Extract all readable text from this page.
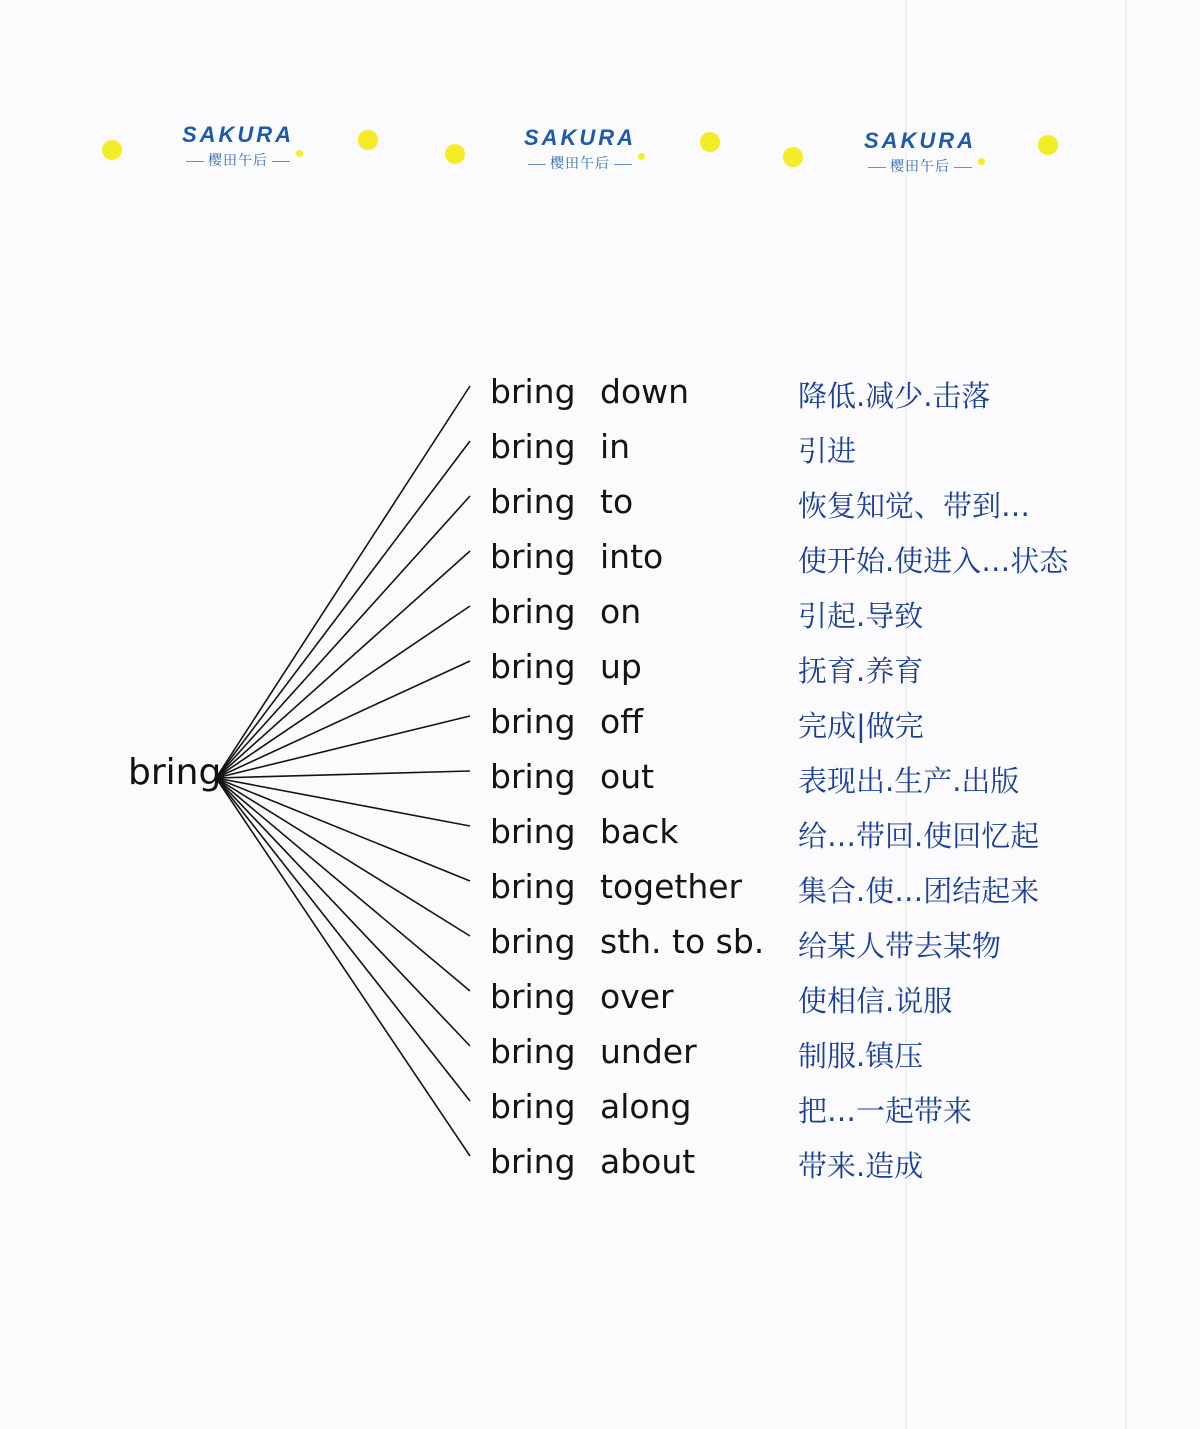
SAKURA
樱田午后
SAKURA
樱田午后
SAKURA
樱田午后
bring
bring down	降低.减少.击落
bring in	引进
bring to	恢复知觉、带到…
bring into	使开始.使进入…状态
bring on	引起.导致
bring up	抚育.养育
bring off	完成|做完
bring out	表现出.生产.出版
bring back	给…带回.使回忆起
bring together 集合.使…团结起来
bring sth. to sb. 给某人带去某物
bring over	使相信.说服
bring under	制服.镇压
bring along	把…一起带来
bring about	带来.造成
